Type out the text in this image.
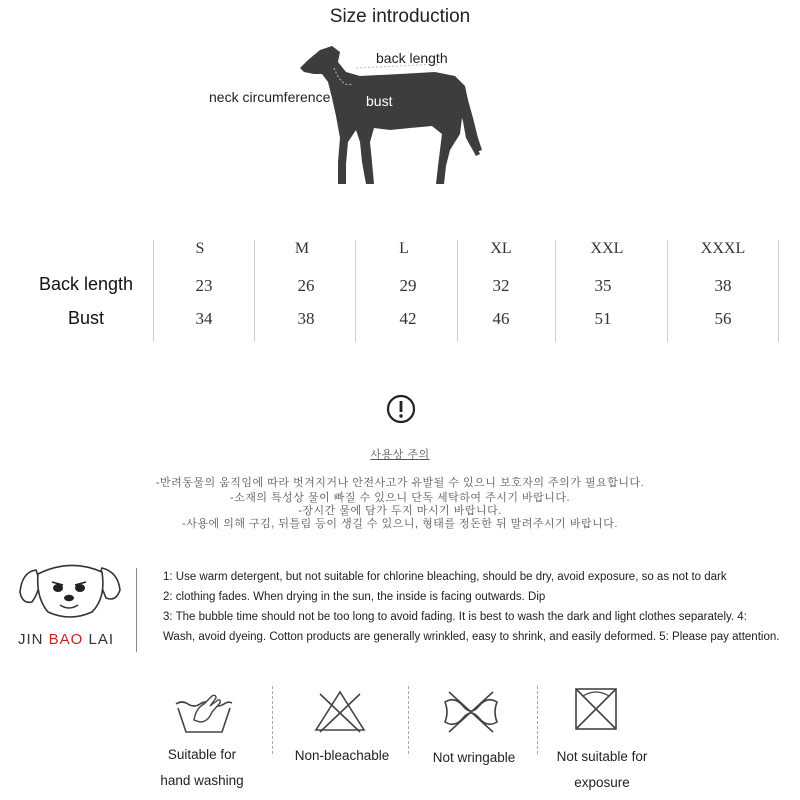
Size introduction
back length
neck circumference	bust
S	M	L	XL	XXL	XXXL
Back length	23	26	29	32	35	38
Bust	34	38	42	46	51	56
사용상 주의
-반려동물의 움직임에 따라 벗겨지거나 안전사고가 유발될 수 있으니 보호자의 주의가 필요합니다.
-소재의 특성상 물이 빠질 수 있으니 단독 세탁하여 주시기 바랍니다.
-장시간 물에 담가 두지 마시기 바랍니다.
-사용에 의해 구김, 뒤틀림 등이 생길 수 있으니, 형태를 정돈한 뒤 말려주시기 바랍니다.
JIN BAO LAI
1: Use warm detergent, but not suitable for chlorine bleaching, should be dry, avoid exposure, so as not to dark
2: clothing fades. When drying in the sun, the inside is facing outwards. Dip
3: The bubble time should not be too long to avoid fading. It is best to wash the dark and light clothes separately. 4:
Wash, avoid dyeing. Cotton products are generally wrinkled, easy to shrink, and easily deformed. 5: Please pay attention.
Suitable for
hand washing
Non-bleachable	Not wringable	Not suitable for
exposure
